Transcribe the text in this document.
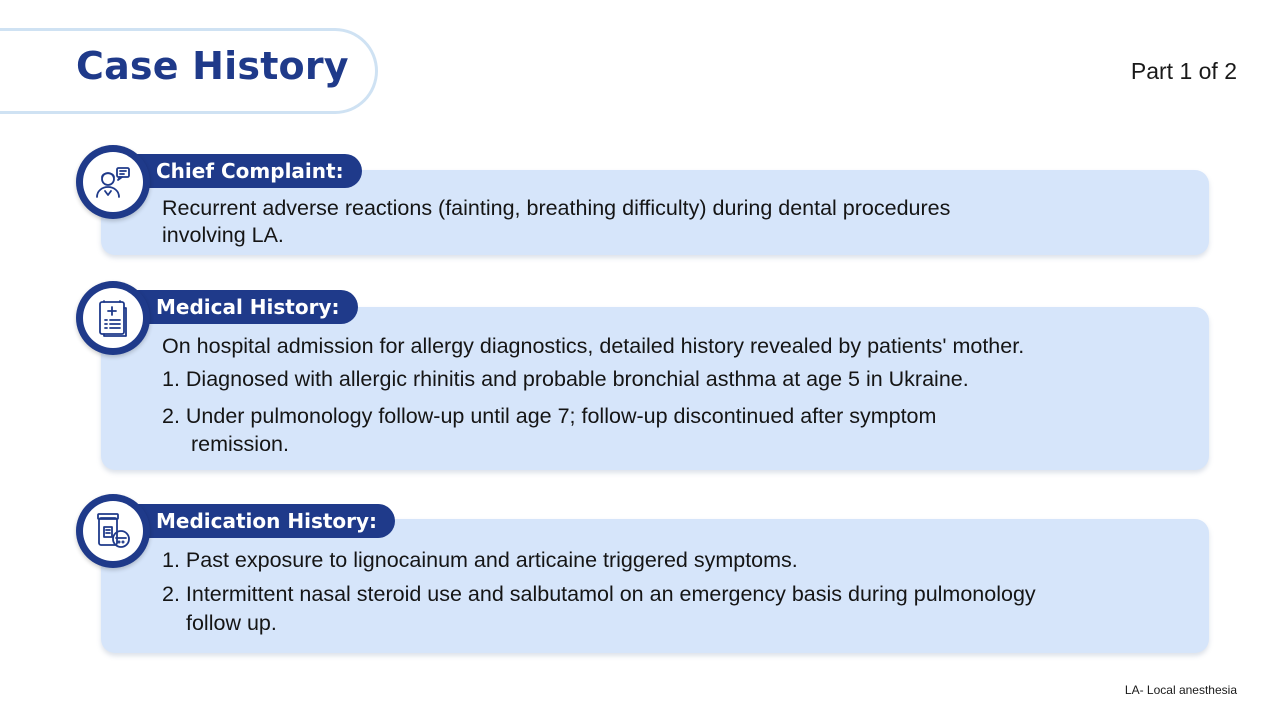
Case History	Part 1 of 2
Chief Complaint:
Recurrent adverse reactions (fainting, breathing difficulty) during dental procedures
involving LA.
Medical History:
On hospital admission for allergy diagnostics, detailed history revealed by patients' mother.
1. Diagnosed with allergic rhinitis and probable bronchial asthma at age 5 in Ukraine.
2. Under pulmonology follow-up until age 7; follow-up discontinued after symptom
remission.
Medication History:
1. Past exposure to lignocainum and articaine triggered symptoms.
2. Intermittent nasal steroid use and salbutamol on an emergency basis during pulmonology
follow up.
LA- Local anesthesia
